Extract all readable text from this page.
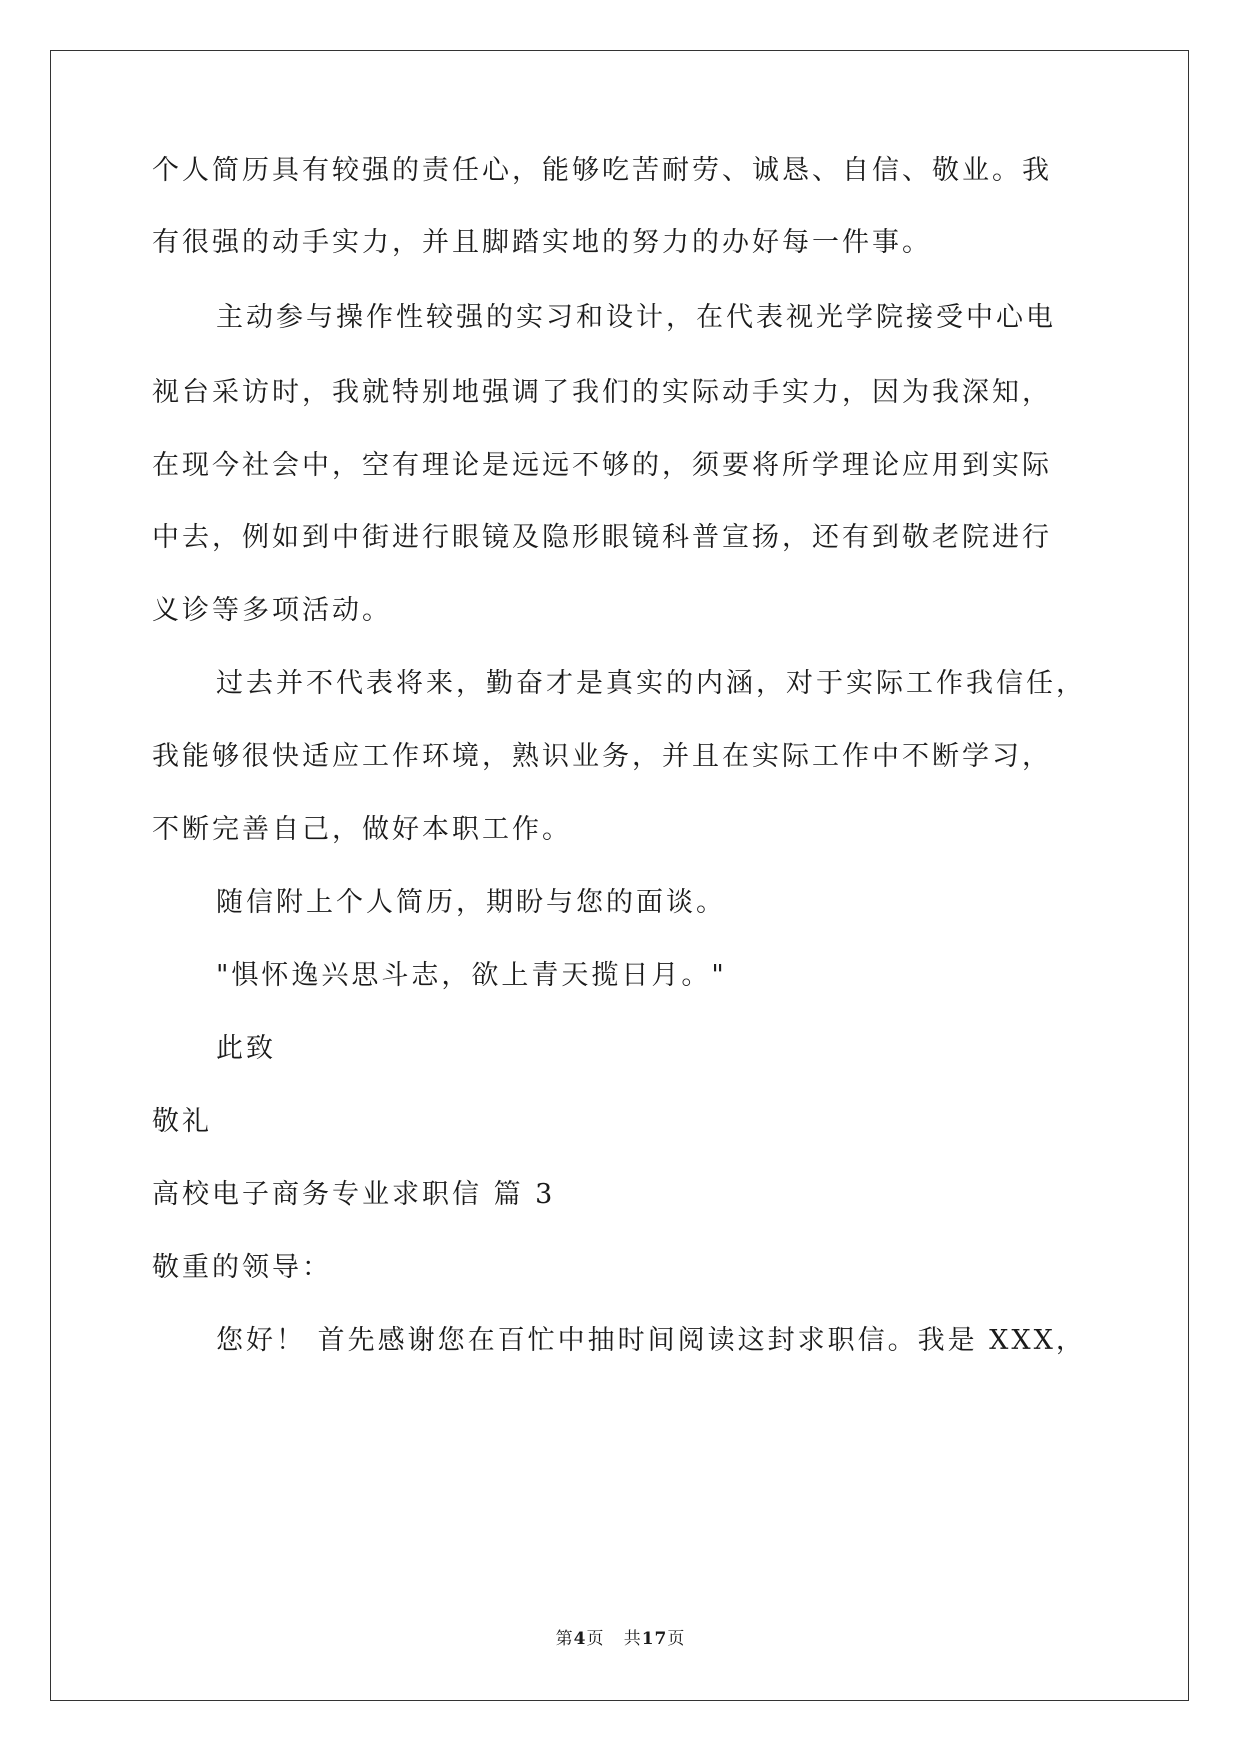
个人简历具有较强的责任心，能够吃苦耐劳、诚恳、自信、敬业。我
有很强的动手实力，并且脚踏实地的努力的办好每一件事。
主动参与操作性较强的实习和设计，在代表视光学院接受中心电
视台采访时，我就特别地强调了我们的实际动手实力，因为我深知，
在现今社会中，空有理论是远远不够的，须要将所学理论应用到实际
中去，例如到中街进行眼镜及隐形眼镜科普宣扬，还有到敬老院进行
义诊等多项活动。
过去并不代表将来，勤奋才是真实的内涵，对于实际工作我信任，
我能够很快适应工作环境，熟识业务，并且在实际工作中不断学习，
不断完善自己，做好本职工作。
随信附上个人简历，期盼与您的面谈。
"惧怀逸兴思斗志，欲上青天揽日月。"
此致
敬礼
高校电子商务专业求职信 篇 3
敬重的领导：
您好！ 首先感谢您在百忙中抽时间阅读这封求职信。我是 XXX，
第4页 共17页
